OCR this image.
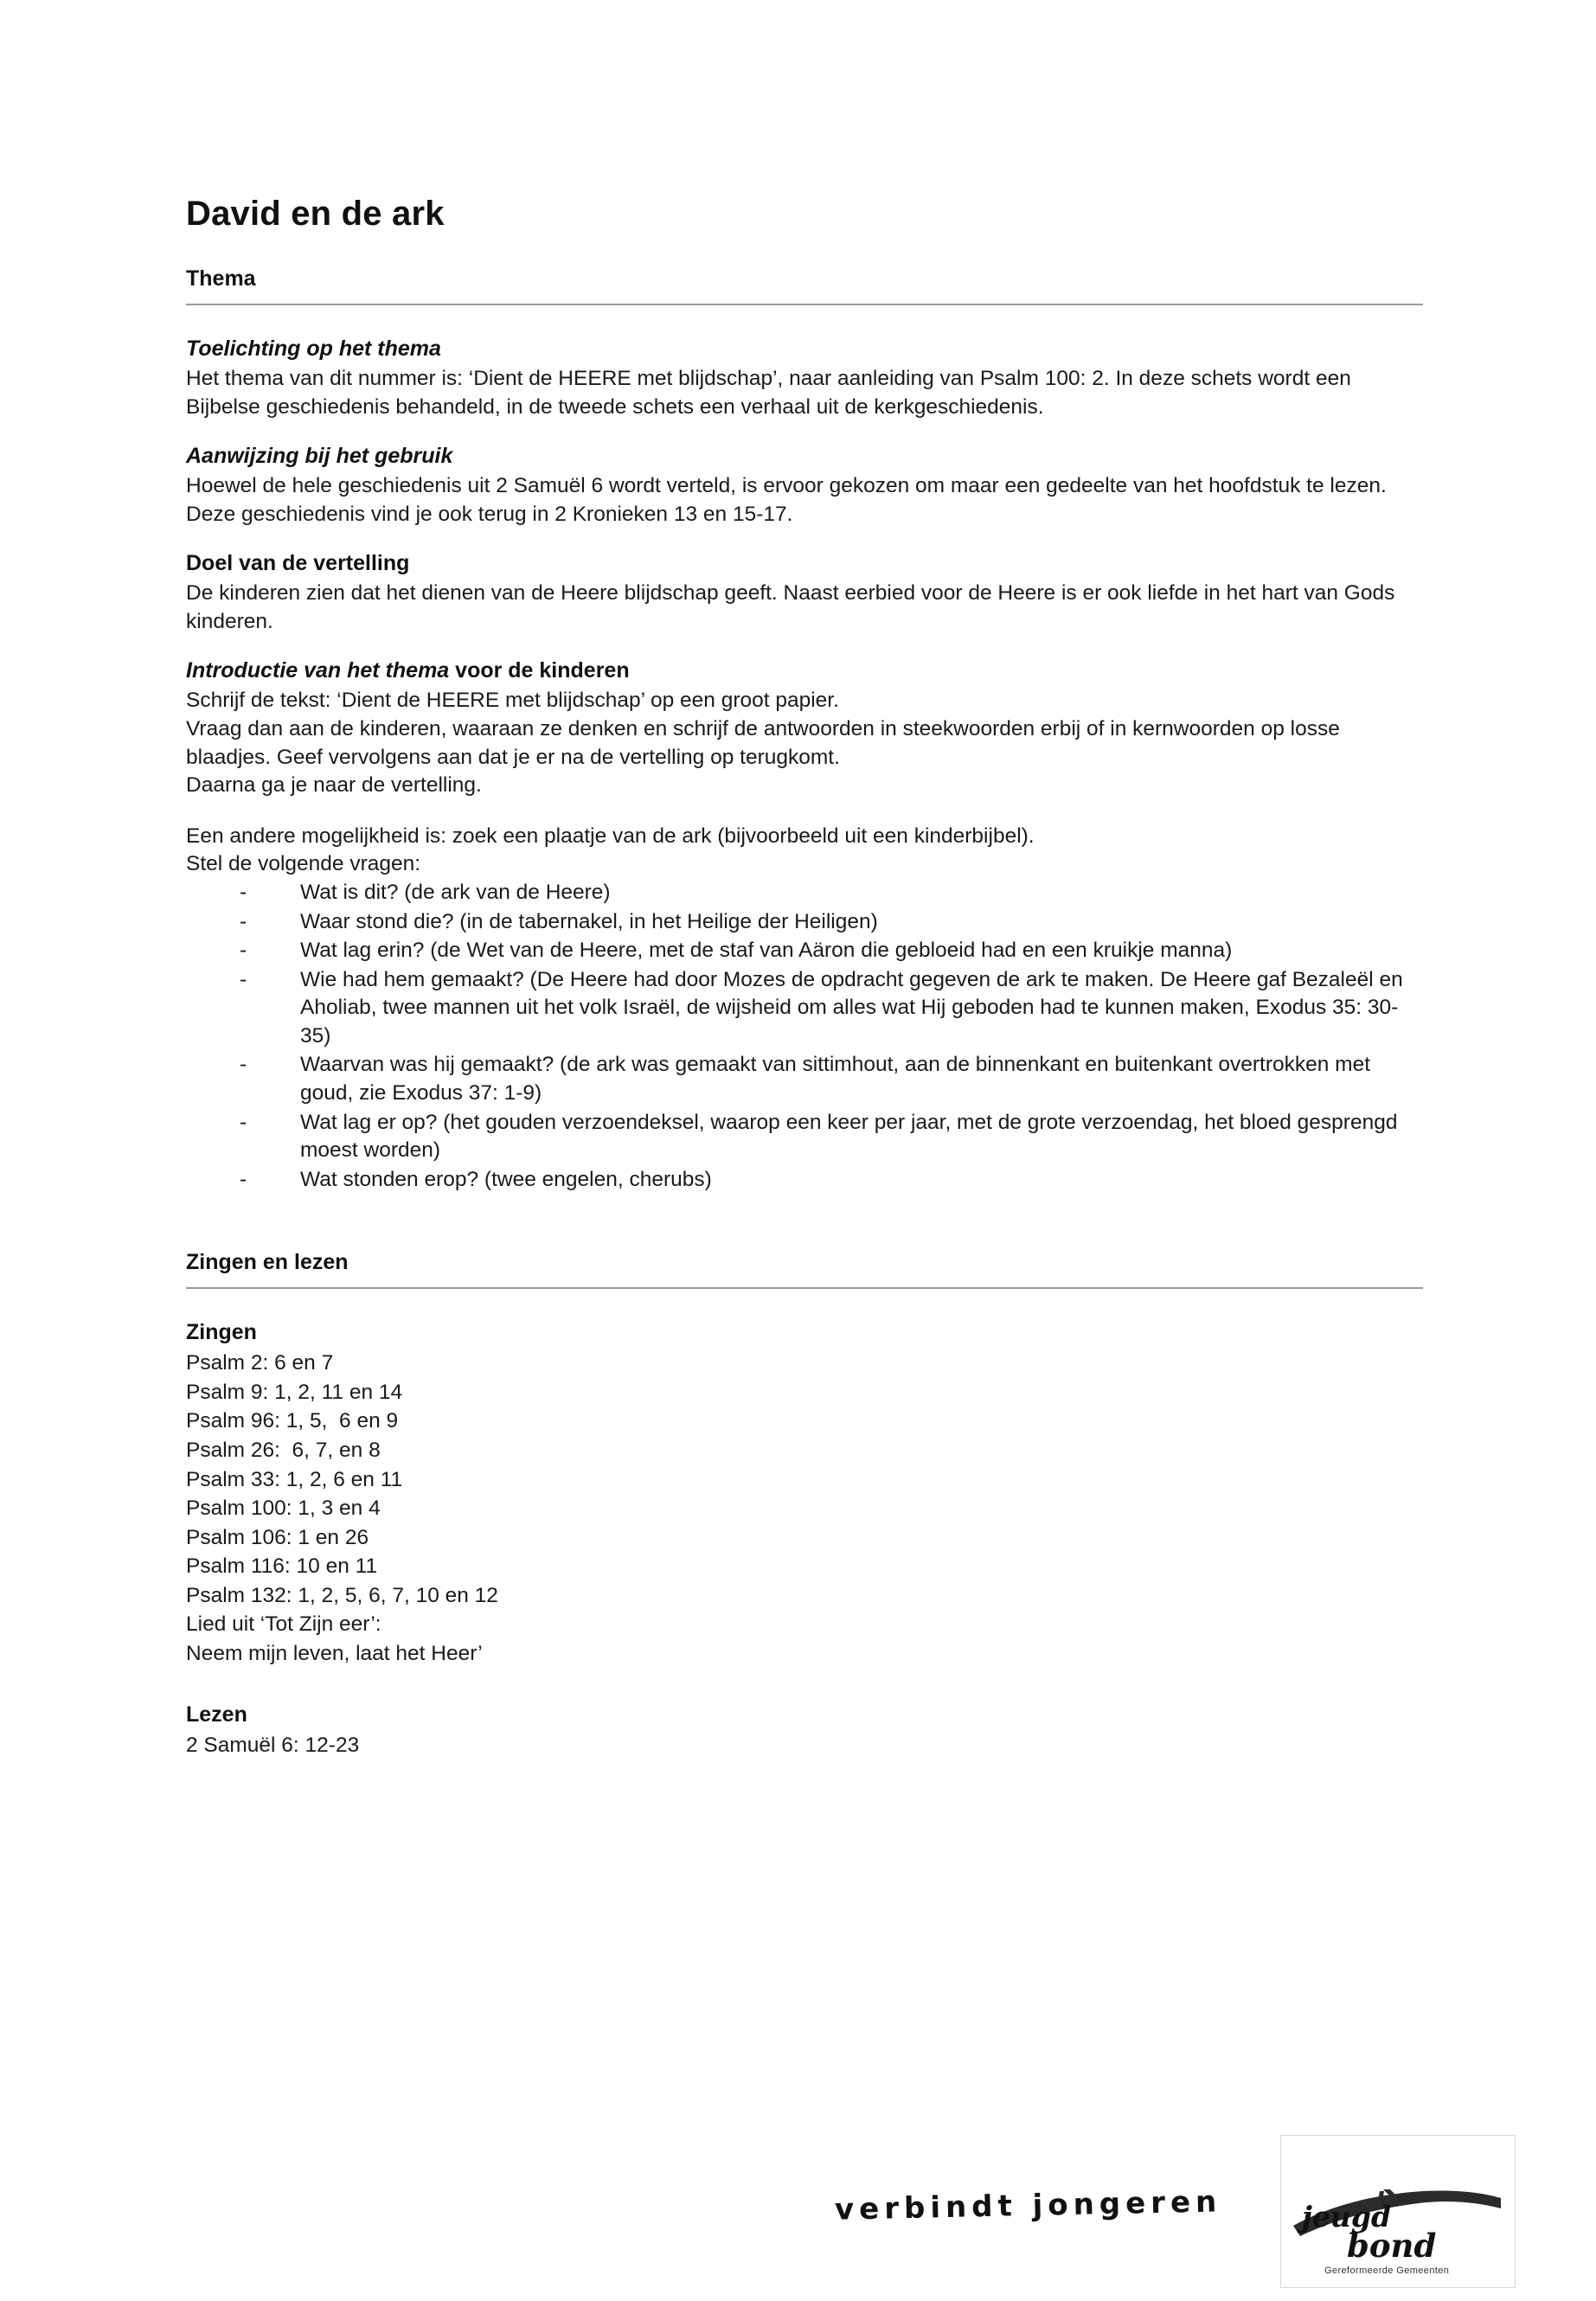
David en de ark
Thema
Toelichting op het thema

Het thema van dit nummer is: ‘Dient de HEERE met blijdschap’, naar aanleiding van Psalm 100: 2. In deze schets wordt een Bijbelse geschiedenis behandeld, in de tweede schets een verhaal uit de kerkgeschiedenis.

Aanwijzing bij het gebruik

Hoewel de hele geschiedenis uit 2 Samuël 6 wordt verteld, is ervoor gekozen om maar een gedeelte van het hoofdstuk te lezen. Deze geschiedenis vind je ook terug in 2 Kronieken 13 en 15-17.

Doel van de vertelling

De kinderen zien dat het dienen van de Heere blijdschap geeft. Naast eerbied voor de Heere is er ook liefde in het hart van Gods kinderen.

Introductie van het thema voor de kinderen

Schrijf de tekst: ‘Dient de HEERE met blijdschap’ op een groot papier.

Vraag dan aan de kinderen, waaraan ze denken en schrijf de antwoorden in steekwoorden erbij of in kernwoorden op losse blaadjes. Geef vervolgens aan dat je er na de vertelling op terugkomt.

Daarna ga je naar de vertelling.

Een andere mogelijkheid is: zoek een plaatje van de ark (bijvoorbeeld uit een kinderbijbel).

Stel de volgende vragen:

-	Wat is dit? (de ark van de Heere)
-	Waar stond die? (in de tabernakel, in het Heilige der Heiligen)
-	Wat lag erin? (de Wet van de Heere, met de staf van Aäron die gebloeid had en een kruikje manna)
-	Wie had hem gemaakt? (De Heere had door Mozes de opdracht gegeven de ark te maken. De Heere gaf Bezaleël en Aholiab, twee mannen uit het volk Israël, de wijsheid om alles wat Hij geboden had te kunnen maken, Exodus 35: 30-35)
-	Waarvan was hij gemaakt? (de ark was gemaakt van sittimhout, aan de binnenkant en buitenkant overtrokken met goud, zie Exodus 37: 1-9)
-	Wat lag er op? (het gouden verzoendeksel, waarop een keer per jaar, met de grote verzoendag, het bloed gesprengd moest worden)
-	Wat stonden erop? (twee engelen, cherubs)
Zingen en lezen
Zingen
Psalm 2: 6 en 7
Psalm 9: 1, 2, 11 en 14
Psalm 96: 1, 5,  6 en 9
Psalm 26:  6, 7, en 8
Psalm 33: 1, 2, 6 en 11
Psalm 100: 1, 3 en 4
Psalm 106: 1 en 26
Psalm 116: 10 en 11
Psalm 132: 1, 2, 5, 6, 7, 10 en 12
Lied uit ‘Tot Zijn eer’:
Neem mijn leven, laat het Heer’
Lezen
2 Samuël 6: 12-23
verbindt jongeren	jeugd
bond
Gereformeerde Gemeenten
